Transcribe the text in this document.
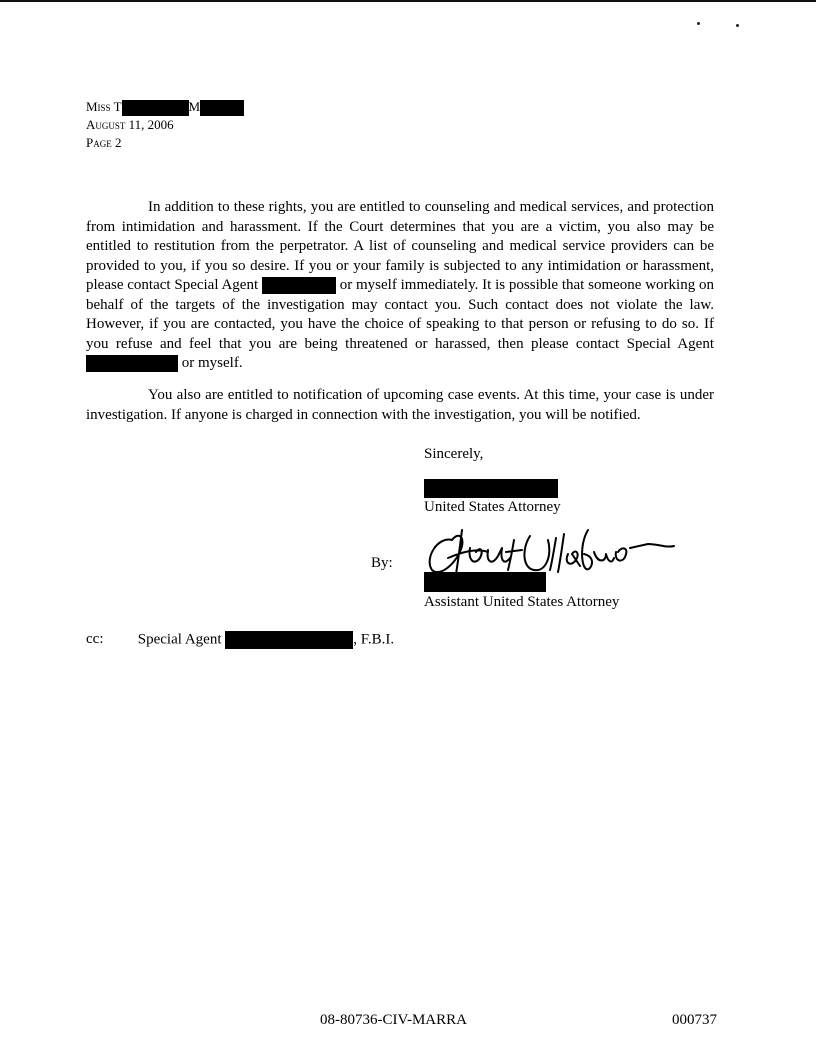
Miss T	M
August 11, 2006
Page 2
In addition to these rights, you are entitled to counseling and medical services, and protection from intimidation and harassment. If the Court determines that you are a victim, you also may be entitled to restitution from the perpetrator. A list of counseling and medical service providers can be provided to you, if you so desire. If you or your family is subjected to any intimidation or harassment, please contact Special Agent	or myself immediately. It is possible that someone working on behalf of the targets of the investigation may contact you. Such contact does not violate the law. However, if you are contacted, you have the choice of speaking to that person or refusing to do so. If you refuse and feel that you are being threatened or harassed, then please contact Special Agent  or myself.
You also are entitled to notification of upcoming case events. At this time, your case is under investigation. If anyone is charged in connection with the investigation, you will be notified.
Sincerely,
United States Attorney
By:
Assistant United States Attorney
cc: Special Agent	, F.B.I.
08-80736-CIV-MARRA	000737
